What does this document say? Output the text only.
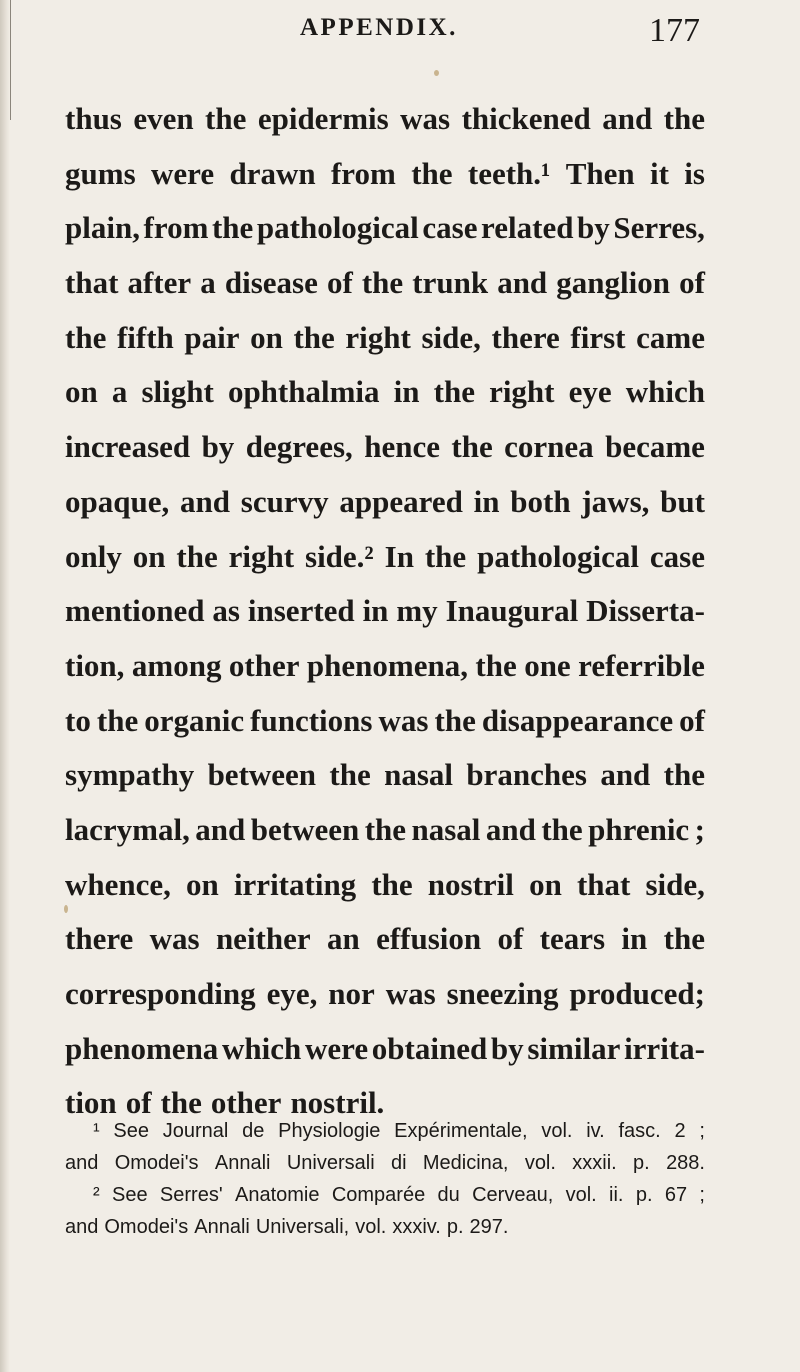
APPENDIX.	177
thus even the epidermis was thickened and the
gums were drawn from the teeth.¹ Then it is
plain, from the pathological case related by Serres,
that after a disease of the trunk and ganglion of
the fifth pair on the right side, there first came
on a slight ophthalmia in the right eye which
increased by degrees, hence the cornea became
opaque, and scurvy appeared in both jaws, but
only on the right side.² In the pathological case
mentioned as inserted in my Inaugural Disserta-
tion, among other phenomena, the one referrible
to the organic functions was the disappearance of
sympathy between the nasal branches and the
lacrymal, and between the nasal and the phrenic ;
whence, on irritating the nostril on that side,
there was neither an effusion of tears in the
corresponding eye, nor was sneezing produced;
phenomena which were obtained by similar irrita-
tion of the other nostril.
¹ See Journal de Physiologie Expérimentale, vol. iv. fasc. 2 ;
and Omodei's Annali Universali di Medicina, vol. xxxii. p. 288.
² See Serres' Anatomie Comparée du Cerveau, vol. ii. p. 67 ;
and Omodei's Annali Universali, vol. xxxiv. p. 297.
